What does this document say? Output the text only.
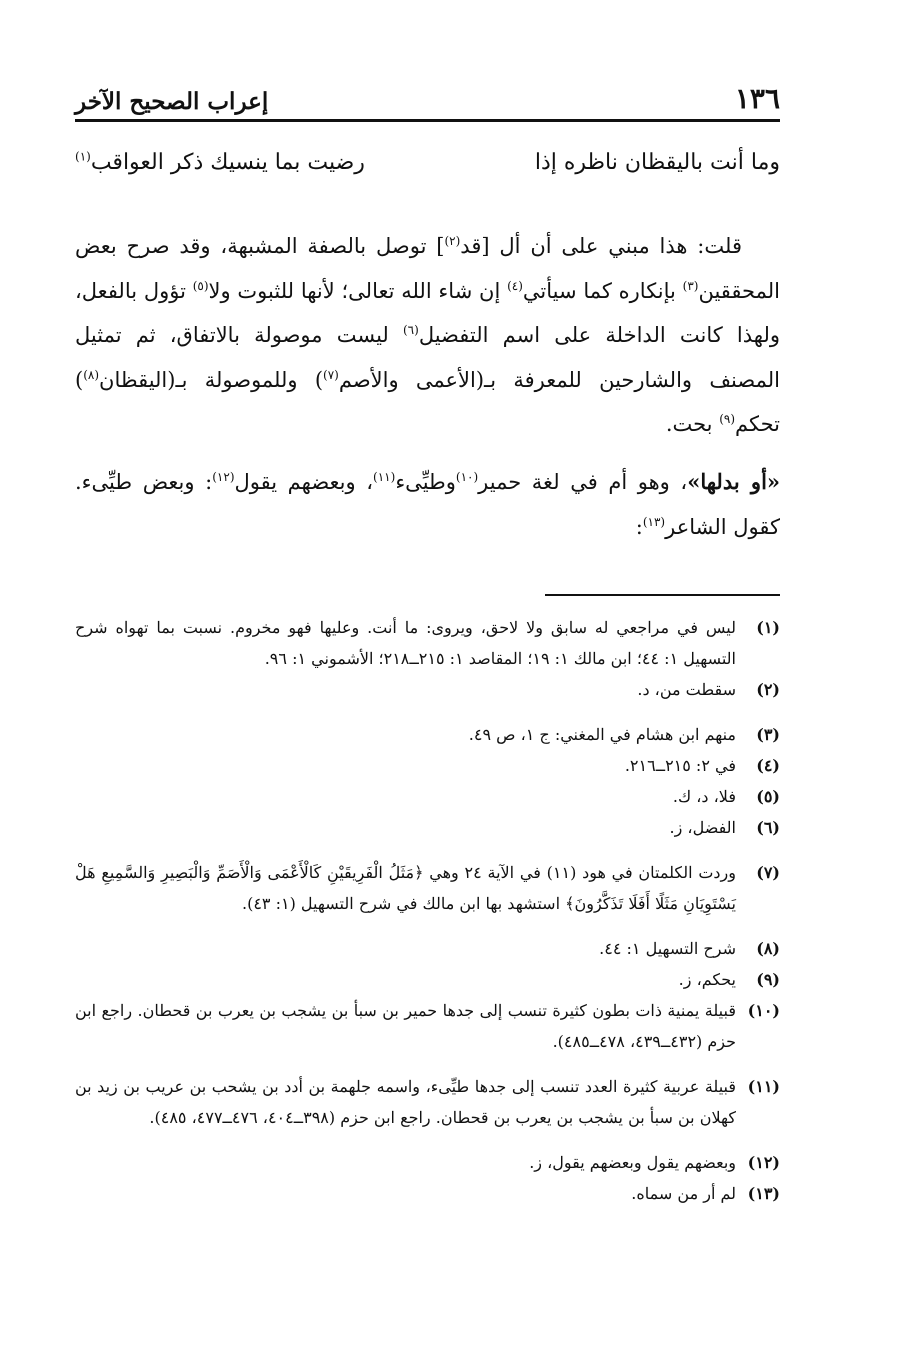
١٣٦
إعراب الصحيح الآخر
وما أنت باليقظان ناظره إذا
رضيت بما ينسيك ذكر العواقب$^{(١)}$

قلت: هذا مبني على أن أل [قد$^{(٢)}$] توصل بالصفة المشبهة، وقد صرح بعض المحققين$^{(٣)}$ بإنكاره كما سيأتي$^{(٤)}$ إن شاء الله تعالى؛ لأنها للثبوت ولا$^{(٥)}$ تؤول بالفعل، ولهذا كانت الداخلة على اسم التفضيل$^{(٦)}$ ليست موصولة بالاتفاق، ثم تمثيل المصنف والشارحين للمعرفة بـ(الأعمى والأصم$^{(٧)}$) وللموصولة بـ(اليقظان$^{(٨)}$) تحكم$^{(٩)}$ بحت.

«أو بدلها»، وهو أم في لغة حمير$^{(١٠)}$وطيِّىء$^{(١١)}$، وبعضهم يقول$^{(١٢)}$: وبعض طيِّىء. كقول الشاعر$^{(١٣)}$:

(١)
ليس في مراجعي له سابق ولا لاحق، ويروى: ما أنت. وعليها فهو مخروم. نسبت بما تهواه شرح التسهيل ١: ٤٤؛ ابن مالك ١: ١٩؛ المقاصد ١: ٢١٥ــ٢١٨؛ الأشموني ١: ٩٦.
(٢)
سقطت من، د.
(٣)
منهم ابن هشام في المغني: ج ١، ص ٤٩.
(٤)
في ٢: ٢١٥ــ٢١٦.
(٥)
فلا، د، ك.
(٦)
الفضل، ز.
(٧)
وردت الكلمتان في هود (١١) في الآية ٢٤ وهي ﴿مَثَلُ الْفَرِيقَيْنِ كَالْأَعْمَى وَالْأَصَمِّ وَالْبَصِيرِ وَالسَّمِيعِ هَلْ يَسْتَوِيَانِ مَثَلًا أَفَلَا تَذَكَّرُونَ﴾ استشهد بها ابن مالك في شرح التسهيل (١: ٤٣).
(٨)
شرح التسهيل ١: ٤٤.
(٩)
يحكم، ز.
(١٠)
قبيلة يمنية ذات بطون كثيرة تنسب إلى جدها حمير بن سبأ بن يشجب بن يعرب بن قحطان. راجع ابن حزم (٤٣٢ــ٤٣٩، ٤٧٨ــ٤٨٥).
(١١)
قبيلة عربية كثيرة العدد تنسب إلى جدها طيِّىء، واسمه جلهمة بن أدد بن يشحب بن عريب بن زيد بن كهلان بن سبأ بن يشجب بن يعرب بن قحطان. راجع ابن حزم (٣٩٨ــ٤٠٤، ٤٧٦ــ٤٧٧، ٤٨٥).
(١٢)
وبعضهم يقول وبعضهم يقول، ز.
(١٣)
لم أر من سماه.
